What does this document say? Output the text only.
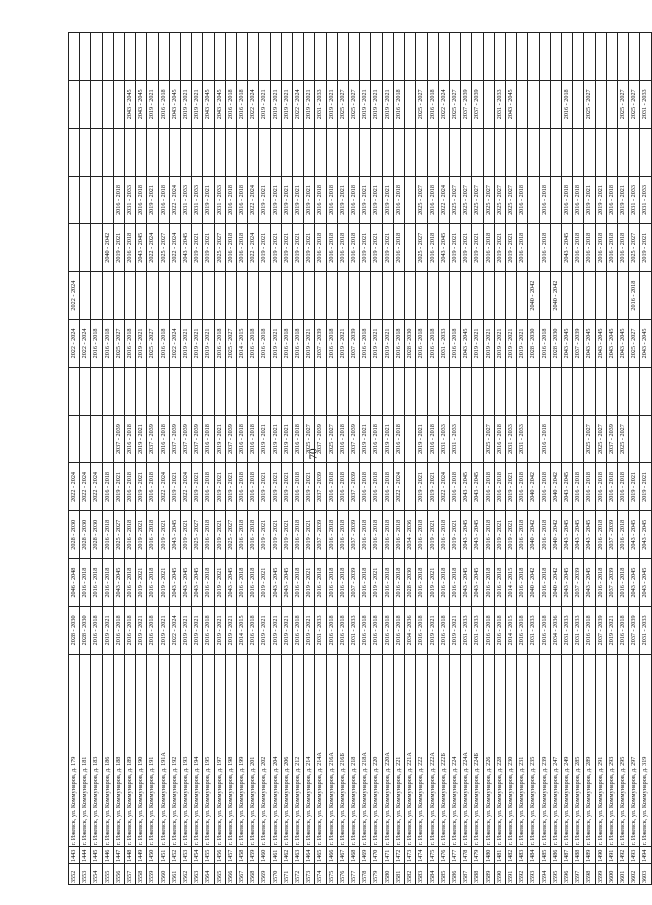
70
3552	1443	г. Ижевск, ул. Коммунаров, д. 179	2028 - 2030	2046 - 2048	2028 - 2030	2022 - 2024			2022 - 2024	2022 - 2024					
3553	1444	г. Ижевск, ул. Коммунаров, д. 181	2028 - 2030	2016 - 2018	2028 - 2030	2022 - 2024			2022 - 2024						
3554	1445	г. Ижевск, ул. Коммунаров, д. 183	2016 - 2018	2016 - 2018	2028 - 2030	2022 - 2024			2016 - 2018						
3555	1446	г. Ижевск, ул. Коммунаров, д. 186	2019 - 2021	2016 - 2018	2016 - 2018	2016 - 2018			2016 - 2018		2040 - 2042				
3556	1447	г. Ижевск, ул. Коммунаров, д. 188	2016 - 2018	2043 - 2045	2025 - 2027	2019 - 2021	2037 - 2039		2025 - 2027		2019 - 2021	2016 - 2018			
3557	1448	г. Ижевск, ул. Коммунаров, д. 189	2016 - 2018	2016 - 2018	2016 - 2018	2016 - 2018	2016 - 2018		2016 - 2018		2016 - 2018	2031 - 2033		2043 - 2045	
3558	1449	г. Ижевск, ул. Коммунаров, д. 190	2019 - 2021	2019 - 2021	2019 - 2021	2019 - 2021	2019 - 2021		2019 - 2021		2043 - 2045	2016 - 2018		2043 - 2045	
3559	1450	г. Ижевск, ул. Коммунаров, д. 191	2016 - 2018	2016 - 2018	2016 - 2018	2016 - 2018	2037 - 2039		2025 - 2027		2022 - 2024	2019 - 2021		2019 - 2021	
3560	1451	г. Ижевск, ул. Коммунаров, д. 191А	2019 - 2021	2019 - 2021	2019 - 2021	2022 - 2024	2016 - 2018		2016 - 2018		2025 - 2027	2016 - 2018		2016 - 2018	
3561	1452	г. Ижевск, ул. Коммунаров, д. 192	2022 - 2024	2043 - 2045	2043 - 2045	2019 - 2021	2037 - 2039		2022 - 2024		2022 - 2024	2022 - 2024		2043 - 2045	
3562	1453	г. Ижевск, ул. Коммунаров, д. 193	2019 - 2021	2043 - 2045	2019 - 2021	2022 - 2024	2037 - 2039		2019 - 2021		2043 - 2045	2031 - 2033		2019 - 2021	
3563	1454	г. Ижевск, ул. Коммунаров, д. 194	2019 - 2021	2043 - 2045	2025 - 2027	2019 - 2021	2037 - 2039		2019 - 2021		2019 - 2021	2031 - 2033		2019 - 2021	
3564	1455	г. Ижевск, ул. Коммунаров, д. 195	2016 - 2018	2016 - 2018	2016 - 2018	2016 - 2018	2016 - 2018		2019 - 2021		2019 - 2021	2019 - 2021		2043 - 2045	
3565	1456	г. Ижевск, ул. Коммунаров, д. 197	2019 - 2021	2019 - 2021	2019 - 2021	2019 - 2021	2019 - 2021		2016 - 2018		2025 - 2027	2031 - 2033		2043 - 2045	
3566	1457	г. Ижевск, ул. Коммунаров, д. 198	2019 - 2021	2043 - 2045	2025 - 2027	2019 - 2021	2037 - 2039		2025 - 2027		2016 - 2018	2016 - 2018		2016 - 2018	
3567	1458	г. Ижевск, ул. Коммунаров, д. 199	2014 - 2015	2016 - 2018	2016 - 2018	2016 - 2018	2016 - 2018		2014 - 2015		2016 - 2018	2016 - 2018		2016 - 2018	
3568	1459	г. Ижевск, ул. Коммунаров, д. 201	2016 - 2018	2016 - 2018	2016 - 2018	2016 - 2018	2016 - 2018		2016 - 2018		2022 - 2024	2022 - 2024		2022 - 2024	
3569	1460	г. Ижевск, ул. Коммунаров, д. 202	2019 - 2021	2019 - 2021	2019 - 2021	2019 - 2021	2019 - 2021		2016 - 2018		2019 - 2021	2019 - 2021		2019 - 2021	
3570	1461	г. Ижевск, ул. Коммунаров, д. 204	2019 - 2021	2043 - 2045	2019 - 2021	2019 - 2021	2019 - 2021		2019 - 2021		2019 - 2021	2019 - 2021		2019 - 2021	
3571	1462	г. Ижевск, ул. Коммунаров, д. 206	2019 - 2021	2043 - 2045	2019 - 2021	2019 - 2021	2019 - 2021		2016 - 2018		2019 - 2021	2019 - 2021		2019 - 2021	
3572	1463	г. Ижевск, ул. Коммунаров, д. 212	2016 - 2018	2016 - 2018	2016 - 2018	2016 - 2018	2016 - 2018		2016 - 2018		2019 - 2021	2019 - 2021		2022 - 2024	
3573	1464	г. Ижевск, ул. Коммунаров, д. 214	2019 - 2021	2019 - 2021	2019 - 2021	2019 - 2021	2025 - 2027		2019 - 2021		2019 - 2021	2019 - 2021		2019 - 2021	
3574	1465	г. Ижевск, ул. Коммунаров, д. 214А	2031 - 2033	2016 - 2018	2037 - 2039	2037 - 2039	2037 - 2039		2037 - 2039		2016 - 2018	2016 - 2018		2031 - 2033	
3575	1466	г. Ижевск, ул. Коммунаров, д. 216А	2016 - 2018	2016 - 2018	2016 - 2018	2016 - 2018	2025 - 2027		2016 - 2018		2016 - 2018	2016 - 2018		2019 - 2021	
3576	1467	г. Ижевск, ул. Коммунаров, д. 216Б	2016 - 2018	2016 - 2018	2016 - 2018	2016 - 2018	2016 - 2018		2019 - 2021		2016 - 2018	2019 - 2021		2025 - 2027	
3577	1468	г. Ижевск, ул. Коммунаров, д. 218	2031 - 2033	2037 - 2039	2037 - 2039	2037 - 2039	2037 - 2039		2037 - 2039		2016 - 2018	2016 - 2018		2025 - 2027	
3578	1469	г. Ижевск, ул. Коммунаров, д. 218А	2016 - 2018	2016 - 2018	2016 - 2018	2016 - 2018	2019 - 2021		2016 - 2018		2019 - 2021	2019 - 2021		2019 - 2021	
3579	1470	г. Ижевск, ул. Коммунаров, д. 220	2016 - 2018	2019 - 2021	2016 - 2018	2016 - 2018	2016 - 2018		2019 - 2021		2019 - 2021	2019 - 2021		2019 - 2021	
3580	1471	г. Ижевск, ул. Коммунаров, д. 220А	2016 - 2018	2016 - 2018	2016 - 2018	2016 - 2018	2019 - 2021		2019 - 2021		2019 - 2021	2019 - 2021		2019 - 2021	
3581	1472	г. Ижевск, ул. Коммунаров, д. 221	2016 - 2018	2016 - 2018	2016 - 2018	2022 - 2024	2016 - 2018		2016 - 2018		2016 - 2018	2016 - 2018		2016 - 2018	
3582	1473	г. Ижевск, ул. Коммунаров, д. 221А	2034 - 2036	2028 - 2030	2034 - 2036				2028 - 2030						
3583	1474	г. Ижевск, ул. Коммунаров, д. 222	2016 - 2018	2016 - 2018	2016 - 2018	2019 - 2021	2019 - 2021		2016 - 2018		2025 - 2027	2025 - 2027		2025 - 2027	
3584	1475	г. Ижевск, ул. Коммунаров, д. 222А	2019 - 2021	2019 - 2021	2019 - 2021	2019 - 2021	2016 - 2018		2016 - 2018		2016 - 2018	2016 - 2018		2016 - 2018	
3585	1476	г. Ижевск, ул. Коммунаров, д. 222Б	2016 - 2018	2016 - 2018	2016 - 2018	2022 - 2024	2031 - 2033		2031 - 2033		2043 - 2045	2022 - 2024		2022 - 2024	
3586	1477	г. Ижевск, ул. Коммунаров, д. 224	2019 - 2021	2016 - 2018	2019 - 2021	2016 - 2018	2031 - 2033		2016 - 2018		2019 - 2021	2025 - 2027		2025 - 2027	
3587	1478	г. Ижевск, ул. Коммунаров, д. 224А	2031 - 2033	2043 - 2045	2043 - 2045	2043 - 2045			2043 - 2045		2019 - 2021	2025 - 2027		2037 - 2039	
3588	1479	г. Ижевск, ул. Коммунаров, д. 224Б	2031 - 2033	2043 - 2045	2043 - 2045	2043 - 2045			2019 - 2021		2019 - 2021	2025 - 2027		2037 - 2039	
3589	1480	г. Ижевск, ул. Коммунаров, д. 226	2016 - 2018	2016 - 2018	2016 - 2018	2016 - 2018	2025 - 2027		2019 - 2021		2016 - 2018	2025 - 2027			
3590	1481	г. Ижевск, ул. Коммунаров, д. 228	2016 - 2018	2016 - 2018	2019 - 2021	2016 - 2018	2016 - 2018		2019 - 2021		2019 - 2021	2025 - 2027		2031 - 2033	
3591	1482	г. Ижевск, ул. Коммунаров, д. 230	2014 - 2015	2014 - 2015	2019 - 2021	2019 - 2021	2031 - 2033		2019 - 2021		2019 - 2021	2025 - 2027		2043 - 2045	
3592	1483	г. Ижевск, ул. Коммунаров, д. 231	2016 - 2018	2016 - 2018	2016 - 2018	2016 - 2018	2031 - 2033		2019 - 2021		2016 - 2018	2016 - 2018			
3593	1484	г. Ижевск, ул. Коммунаров, д. 235	2031 - 2033	2040 - 2042	2040 - 2042	2040 - 2042			2028 - 2030	2040 - 2042					
3594	1485	г. Ижевск, ул. Коммунаров, д. 239	2016 - 2018	2016 - 2018	2016 - 2018	2016 - 2018	2016 - 2018		2016 - 2018		2016 - 2018	2016 - 2018			
3595	1486	г. Ижевск, ул. Коммунаров, д. 247	2034 - 2036	2040 - 2042	2040 - 2042	2040 - 2042			2028 - 2030	2040 - 2042					
3596	1487	г. Ижевск, ул. Коммунаров, д. 249	2031 - 2033	2043 - 2045	2043 - 2045	2043 - 2045			2043 - 2045		2043 - 2045	2016 - 2018		2016 - 2018	
3597	1488	г. Ижевск, ул. Коммунаров, д. 285	2031 - 2033	2037 - 2039	2043 - 2045	2016 - 2018			2037 - 2039		2016 - 2018	2016 - 2018			
3598	1489	г. Ижевск, ул. Коммунаров, д. 289	2016 - 2018	2043 - 2045	2043 - 2045	2016 - 2018	2025 - 2027		2043 - 2045		2016 - 2018	2019 - 2021		2025 - 2027	
3599	1490	г. Ижевск, ул. Коммунаров, д. 291	2037 - 2039	2016 - 2018	2016 - 2018	2016 - 2018	2025 - 2027		2043 - 2045		2016 - 2018	2019 - 2021			
3600	1491	г. Ижевск, ул. Коммунаров, д. 293	2019 - 2021	2037 - 2039	2037 - 2039	2016 - 2018	2037 - 2039		2043 - 2045		2016 - 2018	2016 - 2018			
3601	1492	г. Ижевск, ул. Коммунаров, д. 295	2016 - 2018	2016 - 2018	2016 - 2018	2016 - 2018	2025 - 2027		2043 - 2045		2016 - 2018	2019 - 2021		2025 - 2027	
3602	1493	г. Ижевск, ул. Коммунаров, д. 297	2037 - 2039	2043 - 2045	2043 - 2045	2019 - 2021			2025 - 2027	2016 - 2018	2025 - 2027	2031 - 2033		2025 - 2027	
3603	1494	г. Ижевск, ул. Коммунаров, д. 319	2031 - 2033	2043 - 2045	2043 - 2045	2019 - 2021			2043 - 2045		2019 - 2021	2031 - 2033		2031 - 2033	
